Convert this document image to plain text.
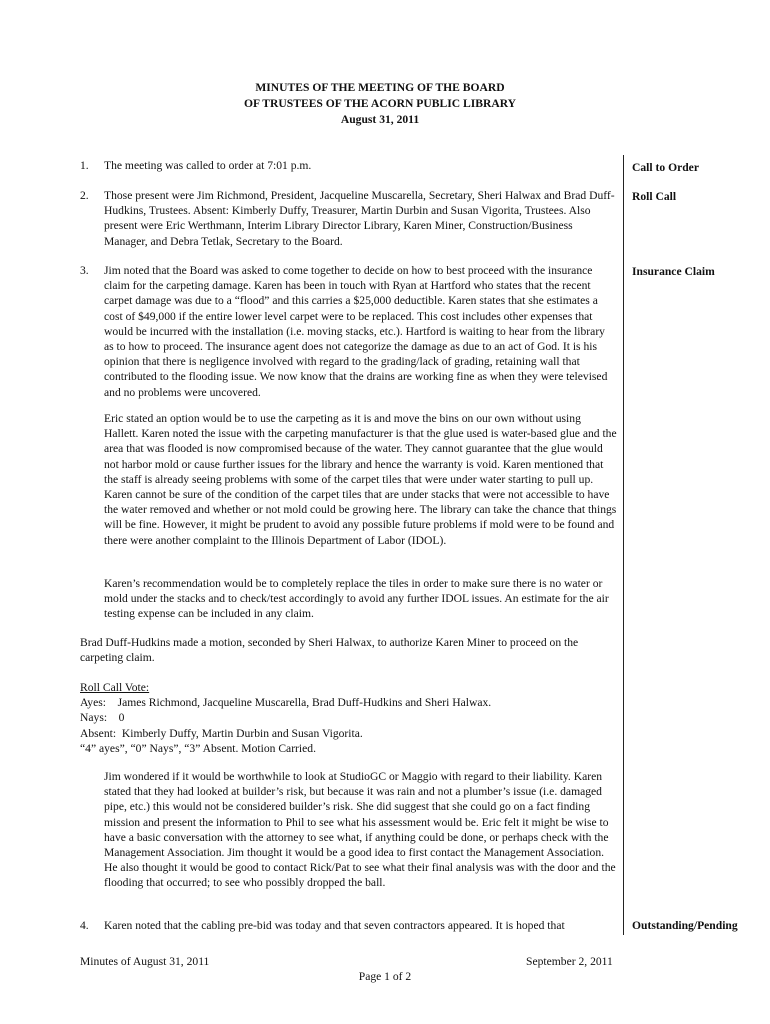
MINUTES OF THE MEETING OF THE BOARD
OF TRUSTEES OF THE ACORN PUBLIC LIBRARY
August 31, 2011
1. The meeting was called to order at 7:01 p.m.

2. Those present were Jim Richmond, President, Jacqueline Muscarella, Secretary, Sheri Halwax and Brad Duff-Hudkins, Trustees. Absent: Kimberly Duffy, Treasurer, Martin Durbin and Susan Vigorita, Trustees. Also present were Eric Werthmann, Interim Library Director Library, Karen Miner, Construction/Business Manager, and Debra Tetlak, Secretary to the Board.

3. Jim noted that the Board was asked to come together to decide on how to best proceed with the insurance claim for the carpeting damage. Karen has been in touch with Ryan at Hartford who states that the recent carpet damage was due to a “flood” and this carries a $25,000 deductible. Karen states that she estimates a cost of $49,000 if the entire lower level carpet were to be replaced. This cost includes other expenses that would be incurred with the installation (i.e. moving stacks, etc.). Hartford is waiting to hear from the library as to how to proceed. The insurance agent does not categorize the damage as due to an act of God. It is his opinion that there is negligence involved with regard to the grading/lack of grading, retaining wall that contributed to the flooding issue. We now know that the drains are working fine as when they were televised and no problems were uncovered.

Eric stated an option would be to use the carpeting as it is and move the bins on our own without using Hallett. Karen noted the issue with the carpeting manufacturer is that the glue used is water-based glue and the area that was flooded is now compromised because of the water. They cannot guarantee that the glue would not harbor mold or cause further issues for the library and hence the warranty is void. Karen mentioned that the staff is already seeing problems with some of the carpet tiles that were under water starting to pull up. Karen cannot be sure of the condition of the carpet tiles that are under stacks that were not accessible to have the water removed and whether or not mold could be growing here. The library can take the chance that things will be fine. However, it might be prudent to avoid any possible future problems if mold were to be found and there were another complaint to the Illinois Department of Labor (IDOL).

Karen’s recommendation would be to completely replace the tiles in order to make sure there is no water or mold under the stacks and to check/test accordingly to avoid any further IDOL issues. An estimate for the air testing expense can be included in any claim.

Brad Duff-Hudkins made a motion, seconded by Sheri Halwax, to authorize Karen Miner to proceed on the carpeting claim.

Roll Call Vote:

Ayes:    James Richmond, Jacqueline Muscarella, Brad Duff-Hudkins and Sheri Halwax.

Nays:    0

Absent:  Kimberly Duffy, Martin Durbin and Susan Vigorita.

“4” ayes”, “0” Nays”, “3” Absent. Motion Carried.

Jim wondered if it would be worthwhile to look at StudioGC or Maggio with regard to their liability. Karen stated that they had looked at builder’s risk, but because it was rain and not a plumber’s issue (i.e. damaged pipe, etc.) this would not be considered builder’s risk. She did suggest that she could go on a fact finding mission and present the information to Phil to see what his assessment would be. Eric felt it might be wise to have a basic conversation with the attorney to see what, if anything could be done, or perhaps check with the Management Association. Jim thought it would be a good idea to first contact the Management Association. He also thought it would be good to contact Rick/Pat to see what their final analysis was with the door and the flooding that occurred; to see who possibly dropped the ball.

4. Karen noted that the cabling pre-bid was today and that seven contractors appeared. It is hoped that

Call to Order
Roll Call
Insurance Claim
Outstanding/Pending
Minutes of August 31, 2011	September 2, 2011
Page 1 of 2
